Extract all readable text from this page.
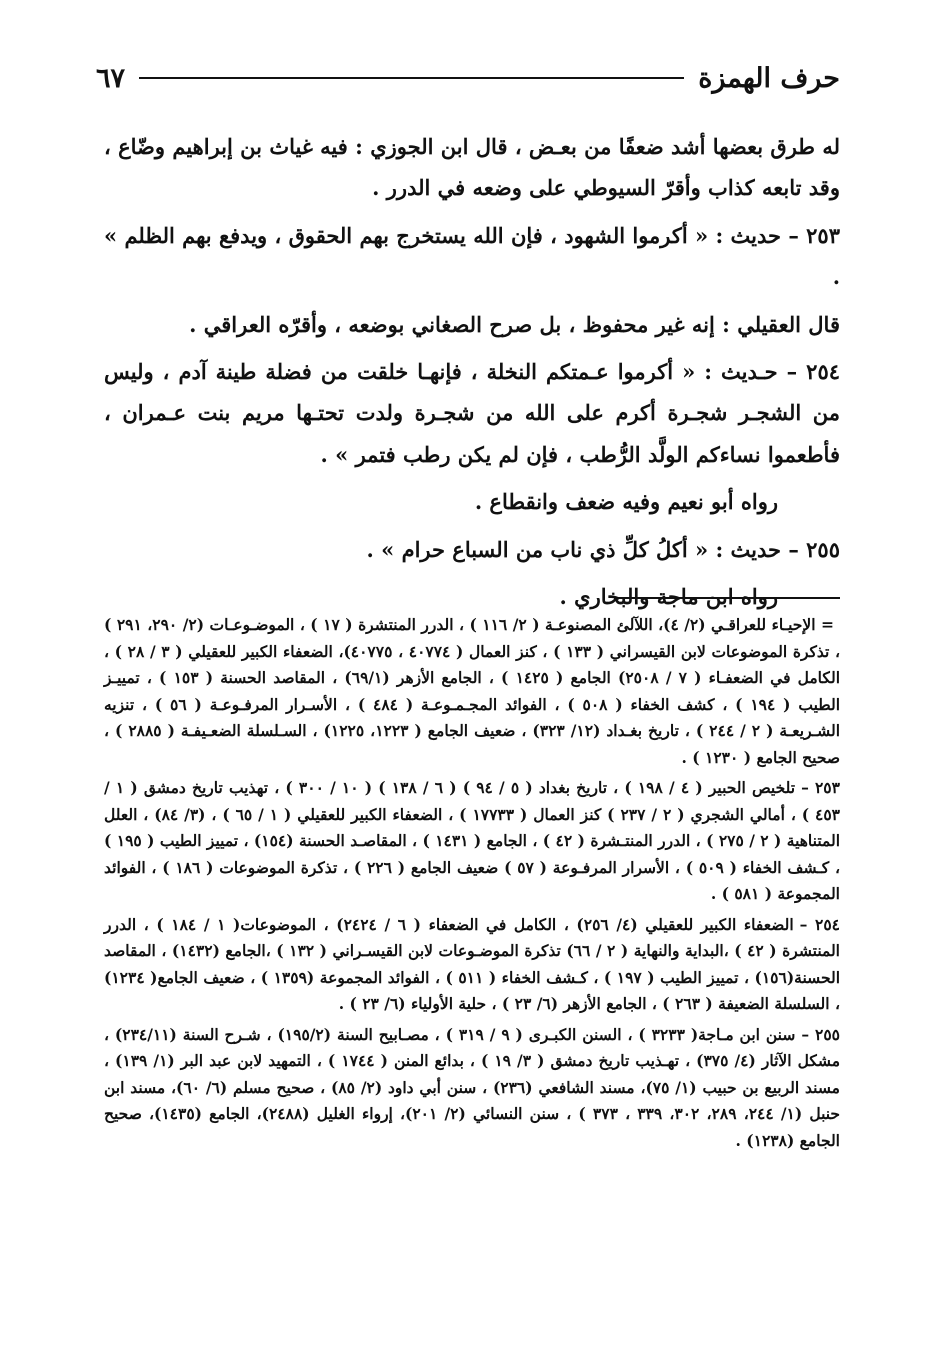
حرف الهمزة
٦٧

له طرق بعضها أشد ضعفًا من بعـض ، قال ابن الجوزي : فيه غياث بن إبراهيم وضّاع ، وقد تابعه كذاب وأقرّ السيوطي على وضعه في الدرر .

٢٥٣ – حديث : « أكرموا الشهود ، فإن الله يستخرج بهم الحقوق ، ويدفع بهم الظلم » .

قال العقيلي : إنه غير محفوظ ، بل صرح الصغاني بوضعه ، وأقرّه العراقي .

٢٥٤ – حـديث : « أكرموا عـمتكم النخلة ، فإنهـا خلقت من فضلة طينة آدم ، وليس من الشجـر شجـرة أكرم على الله من شجـرة ولدت تحتـها مريم بنت عـمران ، فأطعموا نساءكم الولَّد الرُّطب ، فإن لم يكن رطب فتمر » .

رواه أبو نعيم وفيه ضعف وانقطاع .

٢٥٥ – حديث : « أكلُ كلِّ ذي ناب من السباع حرام » .

رواه ابن ماجة والبخاري .

= الإحيـاء للعراقـي (٢/ ٤)، اللآلئ المصنوعـة ( ٢/ ١١٦ ) ، الدرر المنتشرة ( ١٧ ) ، الموضـوعـات (٢/ ٢٩٠، ٢٩١ ) ، تذكرة الموضوعات لابن القيسراني ( ١٣٣ ) ، كنز العمال ( ٤٠٧٧٤ ، ٤٠٧٧٥)، الضعفاء الكبير للعقيلي ( ٣ / ٢٨ ) ، الكامل في الضعفـاء ( ٧ / ٢٥٠٨) الجامع ( ١٤٢٥ ) ، الجامع الأزهر (٦٩/١) ، المقاصد الحسنة ( ١٥٣ ) ، تمييـز الطيب ( ١٩٤ ) ، كشف الخفاء ( ٥٠٨ ) ، الفوائد المجـمـوعـة ( ٤٨٤ ) ، الأسـرار المرفـوعـة ( ٥٦ ) ، تنزيه الشـريعـة ( ٢ / ٢٤٤ ) ، تاريخ بغـداد (١٢/ ٣٢٣) ، ضعيف الجامع ( ١٢٢٣، ١٢٢٥) ، السـلسلة الضعـيفـة ( ٢٨٨٥ ) ، صحيح الجامع ( ١٢٣٠ ) .

٢٥٣ –تلخيص الحبير ( ٤ / ١٩٨ ) ، تاريخ بغداد ( ٥ / ٩٤ ) ( ٦ / ١٣٨ ) ( ١٠ / ٣٠٠ ) ، تهذيب تاريخ دمشق ( ١ / ٤٥٣ ) ، أمالي الشجري ( ٢ / ٢٣٧ ) كنز العمال ( ١٧٧٣٣ ) ، الضعفاء الكبير للعقيلي ( ١ / ٦٥ ) ، (٣/ ٨٤) ، العلل المتناهية ( ٢ / ٢٧٥ ) ، الدرر المنتـشرة ( ٤٢ ) ، الجامع ( ١٤٣١ ) ، المقاصـد الحسنة (١٥٤) ، تمييز الطيب ( ١٩٥ ) ، كـشف الخفاء ( ٥٠٩ ) ، الأسرار المرفـوعة ( ٥٧ ) ضعيف الجامع ( ٢٢٦ ) ، تذكرة الموضوعات ( ١٨٦ ) ، الفوائد المجموعة ( ٥٨١ ) .

٢٥٤ –الضعفاء الكبير للعقيلي (٤/ ٢٥٦) ، الكامل في الضعفاء ( ٦ / ٢٤٢٤) ، الموضوعات( ١ / ١٨٤ ) ، الدرر المنتشرة ( ٤٢ ) ،البداية والنهاية ( ٢ / ٦٦) تذكرة الموضـوعات لابن القيسـراني ( ١٣٢ ) ،الجامع (١٤٣٢) ، المقاصد الحسنة(١٥٦) ، تمييز الطيب ( ١٩٧ ) ، كـشف الخفاء ( ٥١١ ) ، الفوائد المجموعة (١٣٥٩ ) ، ضعيف الجامع( ١٢٣٤) ، السلسلة الضعيفة ( ٢٦٣ ) ، الجامع الأزهر (٦/ ٢٣ ) ، حلية الأولياء (٦/ ٢٣ ) .

٢٥٥ –سنن ابن مـاجة( ٣٢٣٣ ) ، السنن الكبـرى ( ٩ / ٣١٩ ) ، مصـابيح السنة (١٩٥/٢) ، شـرح السنة (٢٣٤/١١) ، مشكل الآثار (٤/ ٣٧٥) ، تهـذيب تاريخ دمشق ( ٣/ ١٩ ) ، بدائع المنن ( ١٧٤٤ ) ، التمهيد لابن عبد البر (١/ ١٣٩) ، مسند الربيع بن حبيب (١/ ٧٥)، مسند الشافعي (٢٣٦) ، سنن أبي داود (٢/ ٨٥) ، صحيح مسلم (٦/ ٦٠)، مسند ابن حنبل (١/ ٢٤٤، ٢٨٩، ٣٠٢، ٣٣٩ ، ٣٧٣ ) ، سنن النسائي (٢/ ٢٠١)، إرواء الغليل (٢٤٨٨)، الجامع (١٤٣٥)، صحيح الجامع (١٢٣٨) .
